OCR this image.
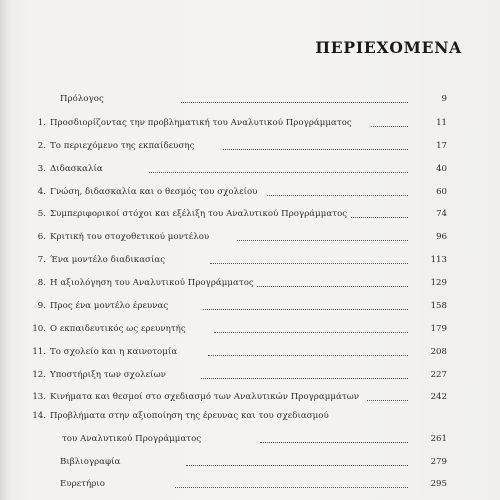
ΠΕΡΙΕΧΟΜΕΝΑ
Πρόλογος	9
1. Προσδιορίζοντας την προβληματική του Αναλυτικού Προγράμματος	11
2. Το περιεχόμενο της εκπαίδευσης	17
3. Διδασκαλία	40
4. Γνώση, διδασκαλία και ο θεσμός του σχολείου	60
5. Συμπεριφορικοί στόχοι και εξέλιξη του Αναλυτικού Προγράμματος	74
6. Κριτική του στοχοθετικού μοντέλου	96
7. Ένα μοντέλο διαδικασίας	113
8. Η αξιολόγηση του Αναλυτικού Προγράμματος	129
9. Προς ένα μοντέλο έρευνας	158
10. Ο εκπαιδευτικός ως ερευνητής	179
11. Το σχολείο και η καινοτομία	208
12. Υποστήριξη των σχολείων	227
13. Κινήματα και θεσμοί στο σχεδιασμό των Αναλυτικών Προγραμμάτων	242
14. Προβλήματα στην αξιοποίηση της έρευνας και του σχεδιασμού
του Αναλυτικού Προγράμματος	261
Βιβλιογραφία	279
Ευρετήριο	295
